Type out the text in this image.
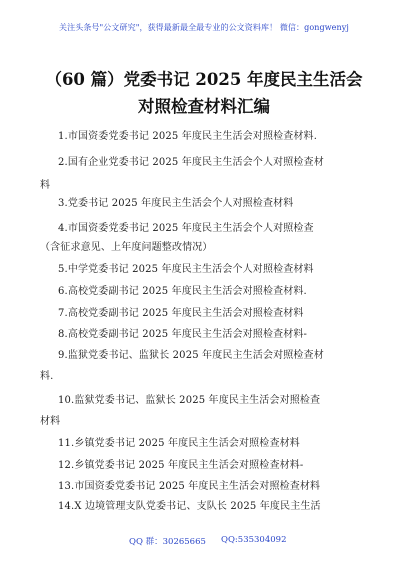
关注头条号"公文研究"，获得最新最全最专业的公文资料库！ 微信：gongwenyj
（60 篇）党委书记 2025 年度民主生活会
对照检查材料汇编
1.市国资委党委书记 2025 年度民主生活会对照检查材料.
2.国有企业党委书记 2025 年度民主生活会个人对照检查材
料
3.党委书记 2025 年度民主生活会个人对照检查材料
4.市国资委党委书记 2025 年度民主生活会个人对照检查
（含征求意见、上年度问题整改情况）
5.中学党委书记 2025 年度民主生活会个人对照检查材料
6.高校党委副书记 2025 年度民主生活会对照检查材料.
7.高校党委副书记 2025 年度民主生活会对照检查材料
8.高校党委副书记 2025 年度民主生活会对照检查材料-
9.监狱党委书记、监狱长 2025 年度民主生活会对照检查材
料.
10.监狱党委书记、监狱长 2025 年度民主生活会对照检查
材料
11.乡镇党委书记 2025 年度民主生活会对照检查材料
12.乡镇党委书记 2025 年度民主生活会对照检查材料-
13.市国资委党委书记 2025 年度民主生活会对照检查材料
14.X 边境管理支队党委书记、支队长 2025 年度民主生活
QQ 群：30265665 QQ:535304092
